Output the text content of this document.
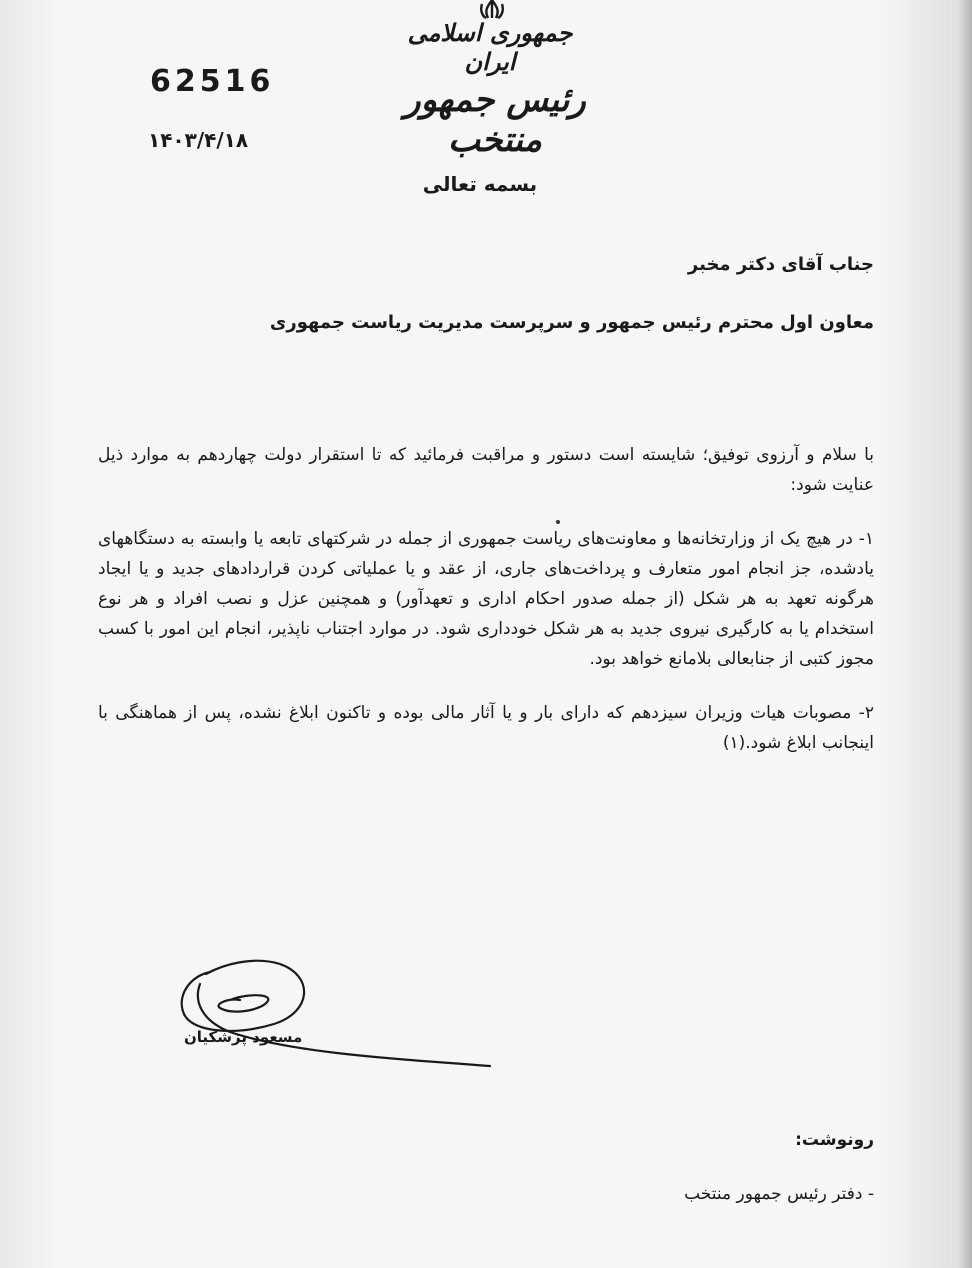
جمهوری اسلامی ایران
رئیس جمهور منتخب
62516
۱۴۰۳/۴/۱۸
بسمه تعالی
جناب آقای دکتر مخبر
معاون اول محترم رئیس جمهور و سرپرست مدیریت ریاست جمهوری

با سلام و آرزوی توفیق؛ شایسته است دستور و مراقبت فرمائید که تا استقرار دولت چهاردهم به موارد ذیل عنایت شود:

۱- در هیچ یک از وزارتخانه‌ها و معاونت‌های ریاست جمهوری از جمله در شرکتهای تابعه یا وابسته به دستگاههای یادشده، جز انجام امور متعارف و پرداخت‌های جاری، از عقد و یا عملیاتی کردن قراردادهای جدید و یا ایجاد هرگونه تعهد به هر شکل (از جمله صدور احکام اداری و تعهدآور) و همچنین عزل و نصب افراد و هر نوع استخدام یا به کارگیری نیروی جدید به هر شکل خودداری شود. در موارد اجتناب ناپذیر، انجام این امور با کسب مجوز کتبی از جنابعالی بلامانع خواهد بود.

۲- مصوبات هیات وزیران سیزدهم که دارای بار و یا آثار مالی بوده و تاکنون ابلاغ نشده، پس از هماهنگی با اینجانب ابلاغ شود.(۱)

مسعود پزشکیان
رونوشت:
- دفتر رئیس جمهور منتخب
